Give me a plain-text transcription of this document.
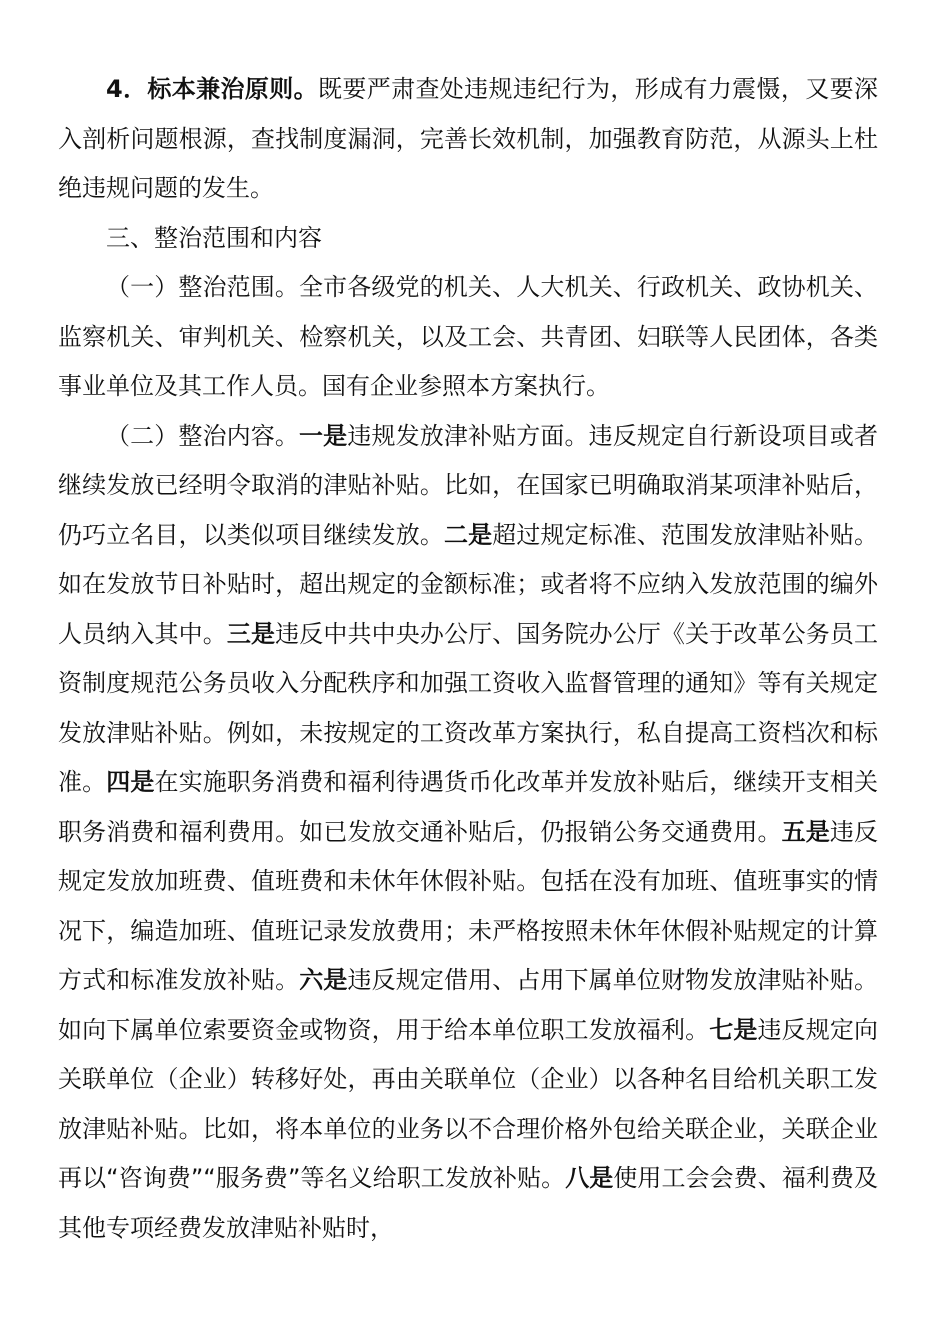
4．标本兼治原则。既要严肃查处违规违纪行为，形成有力震慑，又要深入剖析问题根源，查找制度漏洞，完善长效机制，加强教育防范，从源头上杜绝违规问题的发生。

三、整治范围和内容

（一）整治范围。全市各级党的机关、人大机关、行政机关、政协机关、监察机关、审判机关、检察机关，以及工会、共青团、妇联等人民团体，各类事业单位及其工作人员。国有企业参照本方案执行。

（二）整治内容。一是违规发放津补贴方面。违反规定自行新设项目或者继续发放已经明令取消的津贴补贴。比如，在国家已明确取消某项津补贴后，仍巧立名目，以类似项目继续发放。二是超过规定标准、范围发放津贴补贴。如在发放节日补贴时，超出规定的金额标准；或者将不应纳入发放范围的编外人员纳入其中。三是违反中共中央办公厅、国务院办公厅《关于改革公务员工资制度规范公务员收入分配秩序和加强工资收入监督管理的通知》等有关规定发放津贴补贴。例如，未按规定的工资改革方案执行，私自提高工资档次和标准。四是在实施职务消费和福利待遇货币化改革并发放补贴后，继续开支相关职务消费和福利费用。如已发放交通补贴后，仍报销公务交通费用。五是违反规定发放加班费、值班费和未休年休假补贴。包括在没有加班、值班事实的情况下，编造加班、值班记录发放费用；未严格按照未休年休假补贴规定的计算方式和标准发放补贴。六是违反规定借用、占用下属单位财物发放津贴补贴。如向下属单位索要资金或物资，用于给本单位职工发放福利。七是违反规定向关联单位（企业）转移好处，再由关联单位（企业）以各种名目给机关职工发放津贴补贴。比如，将本单位的业务以不合理价格外包给关联企业，关联企业再以“咨询费”“服务费”等名义给职工发放补贴。八是使用工会会费、福利费及其他专项经费发放津贴补贴时，
